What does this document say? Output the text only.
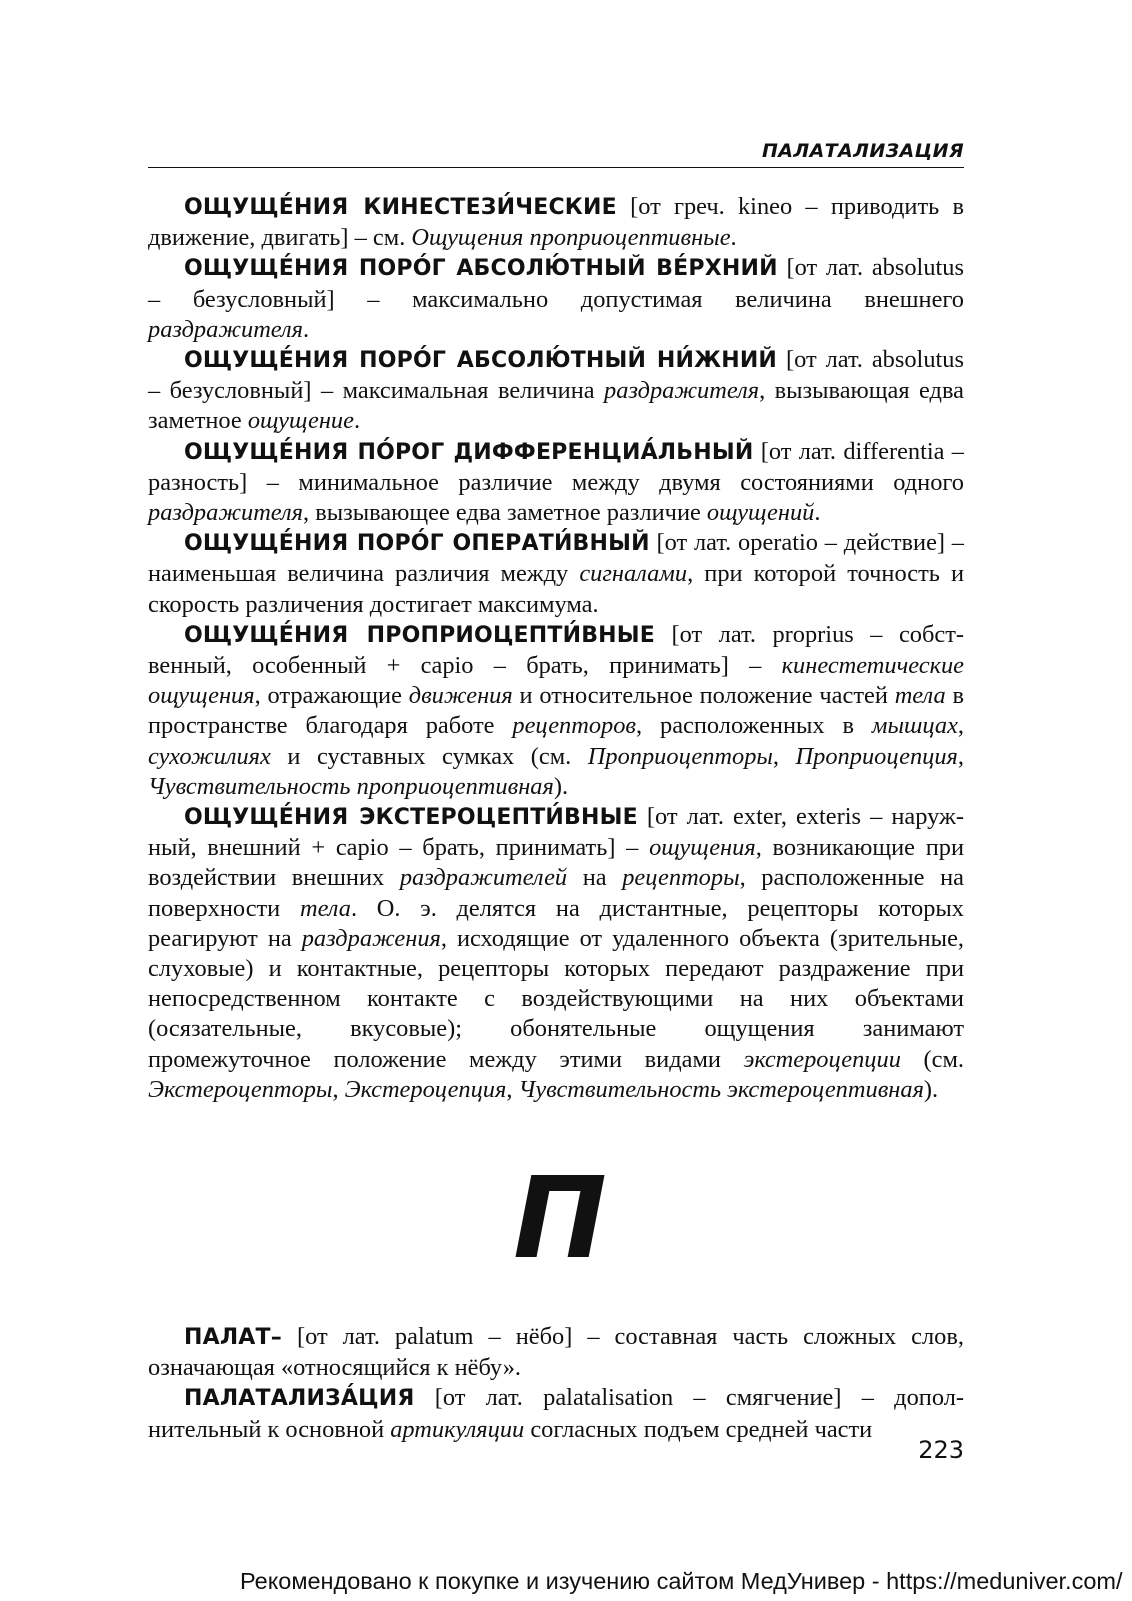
ПАЛАТАЛИЗАЦИЯ

ОЩУЩЕ́НИЯ КИНЕСТЕЗИ́ЧЕСКИЕ [от греч. kineo – приводить в движение, двигать] – см. Ощущения проприоцептивные.

ОЩУЩЕ́НИЯ ПОРО́Г АБСОЛЮ́ТНЫЙ ВЕ́РХНИЙ [от лат. absolutus – безусловный] – максимально допустимая величина внешнего раздражителя.

ОЩУЩЕ́НИЯ ПОРО́Г АБСОЛЮ́ТНЫЙ НИ́ЖНИЙ [от лат. absolutus – безусловный] – максимальная величина раздражителя, вызывающая едва заметное ощущение.

ОЩУЩЕ́НИЯ ПО́РОГ ДИФФЕРЕНЦИА́ЛЬНЫЙ [от лат. differentia – разность] – минимальное различие между двумя состояниями одного раздражителя, вызывающее едва заметное различие ощущений.

ОЩУЩЕ́НИЯ ПОРО́Г ОПЕРАТИ́ВНЫЙ [от лат. operatio – действие] – наименьшая величина различия между сигналами, при которой точность и скорость различения достигает максимума.

ОЩУЩЕ́НИЯ ПРОПРИОЦЕПТИ́ВНЫЕ [от лат. proprius – собственный, особенный + capio – брать, принимать] – кинестетические ощущения, отражающие движения и относительное положение частей тела в пространстве благодаря работе рецепторов, расположенных в мышцах, сухожилиях и суставных сумках (см. Проприоцепторы, Проприоцепция, Чувствительность проприоцептивная).

ОЩУЩЕ́НИЯ ЭКСТЕРОЦЕПТИ́ВНЫЕ [от лат. exter, exteris – наружный, внешний + capio – брать, принимать] – ощущения, возникающие при воздействии внешних раздражителей на рецепторы, расположенные на поверхности тела. О. э. делятся на дистантные, рецепторы которых реагируют на раздражения, исходящие от удаленного объекта (зрительные, слуховые) и контактные, рецепторы которых передают раздражение при непосредственном контакте с воздействующими на них объектами (осязательные, вкусовые); обонятельные ощущения занимают промежуточное положение между этими видами экстероцепции (см. Экстероцепторы, Экстероцепция, Чувствительность экстероцептивная).

П

ПАЛАТ– [от лат. palatum – нёбо] – составная часть сложных слов, означающая «относящийся к нёбу».

ПАЛАТАЛИЗА́ЦИЯ [от лат. palatalisation – смягчение] – дополнительный к основной артикуляции согласных подъем средней части

223
Рекомендовано к покупке и изучению сайтом МедУнивер - https://meduniver.com/
